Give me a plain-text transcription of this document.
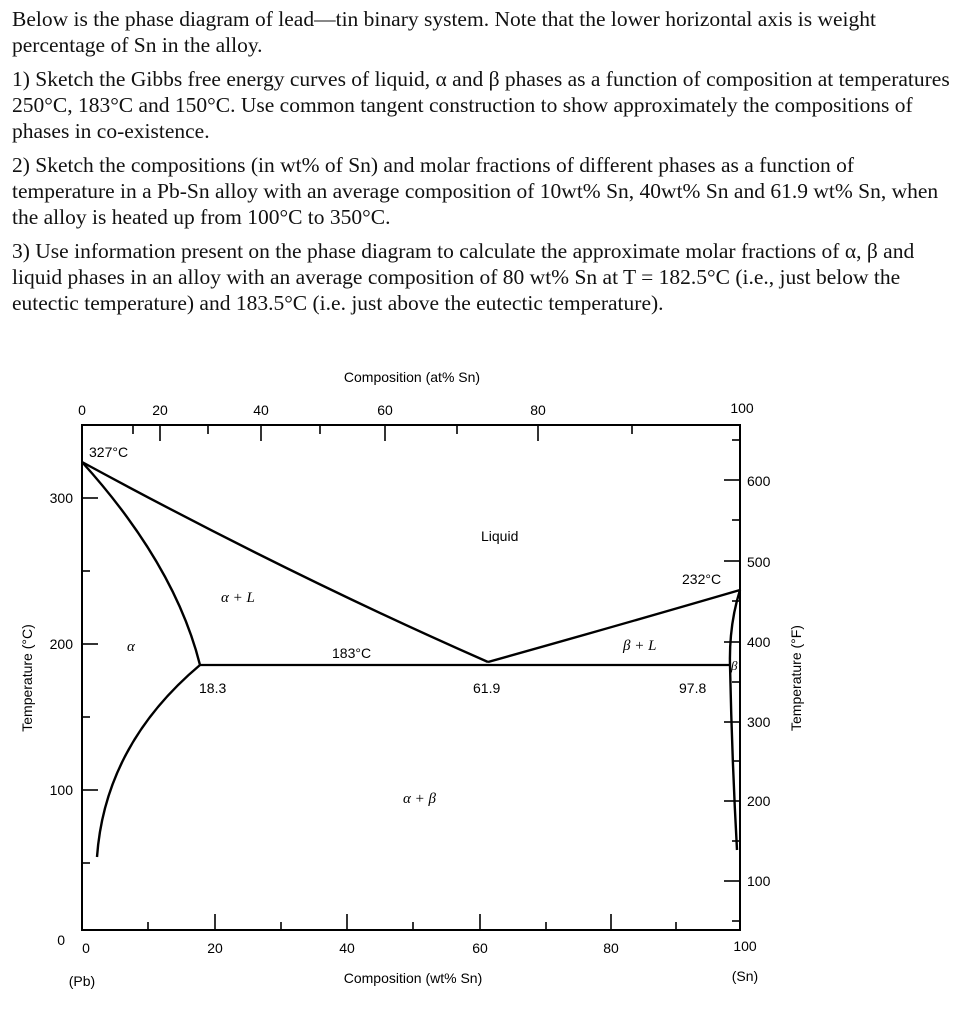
Below is the phase diagram of lead—tin binary system. Note that the lower horizontal axis is weight percentage of Sn in the alloy.

1) Sketch the Gibbs free energy curves of liquid, α and β phases as a function of composition at temperatures 250°C, 183°C and 150°C. Use common tangent construction to show approximately the compositions of phases in co-existence.

2) Sketch the compositions (in wt% of Sn) and molar fractions of different phases as a function of temperature in a Pb-Sn alloy with an average composition of 10wt% Sn, 40wt% Sn and 61.9 wt% Sn, when the alloy is heated up from 100°C to 350°C.

3) Use information present on the phase diagram to calculate the approximate molar fractions of α, β and liquid phases in an alloy with an average composition of 80 wt% Sn at T = 182.5°C (i.e., just below the eutectic temperature) and 183.5°C (i.e. just above the eutectic temperature).

0	20	40	60	80	100
Composition (at% Sn)
0	20	40	60	80	100
(Pb)	(Sn)
Composition (wt% Sn)
0
100
200
300
Temperature (°C)
600
500
400
300
200
100
Temperature (°F)
327°C
232°C
183°C
18.3	61.9	97.8
Liquid
α + L
β + L
α
β
α + β
